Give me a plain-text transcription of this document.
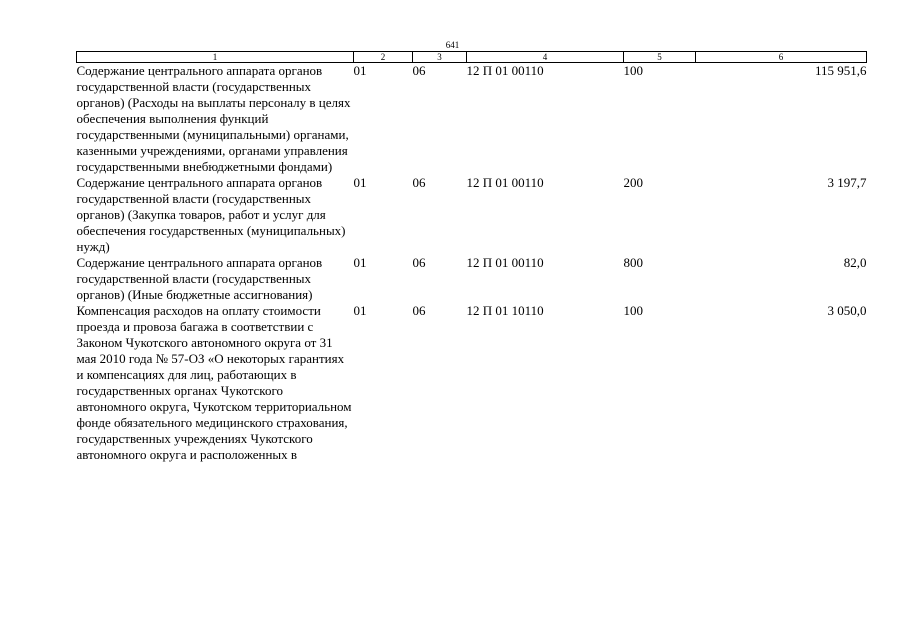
641
1	2	3	4	5	6
Содержание центрального аппарата органов государственной власти (государственных органов) (Расходы на выплаты персоналу в целях обеспечения выполнения функций государственными (муниципальными) органами, казенными учреждениями, органами управления государственными внебюджетными фондами)	01	06	12 П 01 00110	100	115 951,6
Содержание центрального аппарата органов государственной власти (государственных органов) (Закупка товаров, работ и услуг для обеспечения государственных (муниципальных) нужд)	01	06	12 П 01 00110	200	3 197,7
Содержание центрального аппарата органов государственной власти (государственных органов) (Иные бюджетные ассигнования)	01	06	12 П 01 00110	800	82,0
Компенсация расходов на оплату стоимости проезда и провоза багажа в соответствии с Законом Чукотского автономного округа от 31 мая 2010 года № 57-ОЗ «О некоторых гарантиях и компенсациях для лиц, работающих в государственных органах Чукотского автономного округа, Чукотском территориальном фонде обязательного медицинского страхования, государственных учреждениях Чукотского автономного округа и расположенных в	01	06	12 П 01 10110	100	3 050,0
